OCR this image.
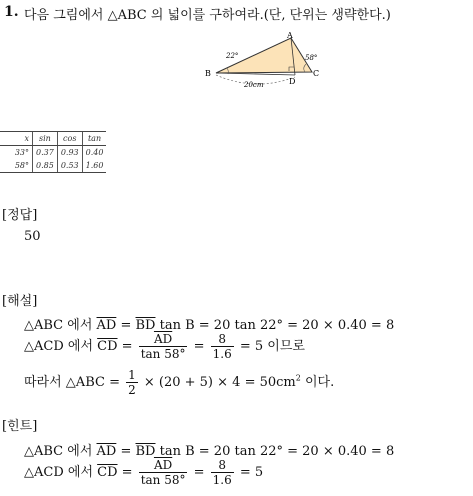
1. 다음 그림에서 △ABC 의 넓이를 구하여라.(단, 단위는 생략한다.)
A
B	C
D
22°	58°
20cm
x	sin	cos	tan
33°	0.37	0.93	0.40
58°	0.85	0.53	1.60
[정답]
50
[해설]
△ABC 에서 $\overline{AD} = \overline{BD}$ tan B = 20 tan 22° = 20 × 0.40 = 8
△ACD 에서 $\overline{CD} = \frac{\overline{AD}}{\tan 58^\circ} = \frac{8}{1.6} = 5$ 이므로
따라서 △ABC = $\frac{1}{2} \times (20 + 5) \times 4 = 50cm^2$ 이다.
[힌트]
△ABC 에서 $\overline{AD} = \overline{BD}$ tan B = 20 tan 22° = 20 × 0.40 = 8
△ACD 에서 $\overline{CD} = \frac{\overline{AD}}{\tan 58^\circ} = \frac{8}{1.6} = 5$
